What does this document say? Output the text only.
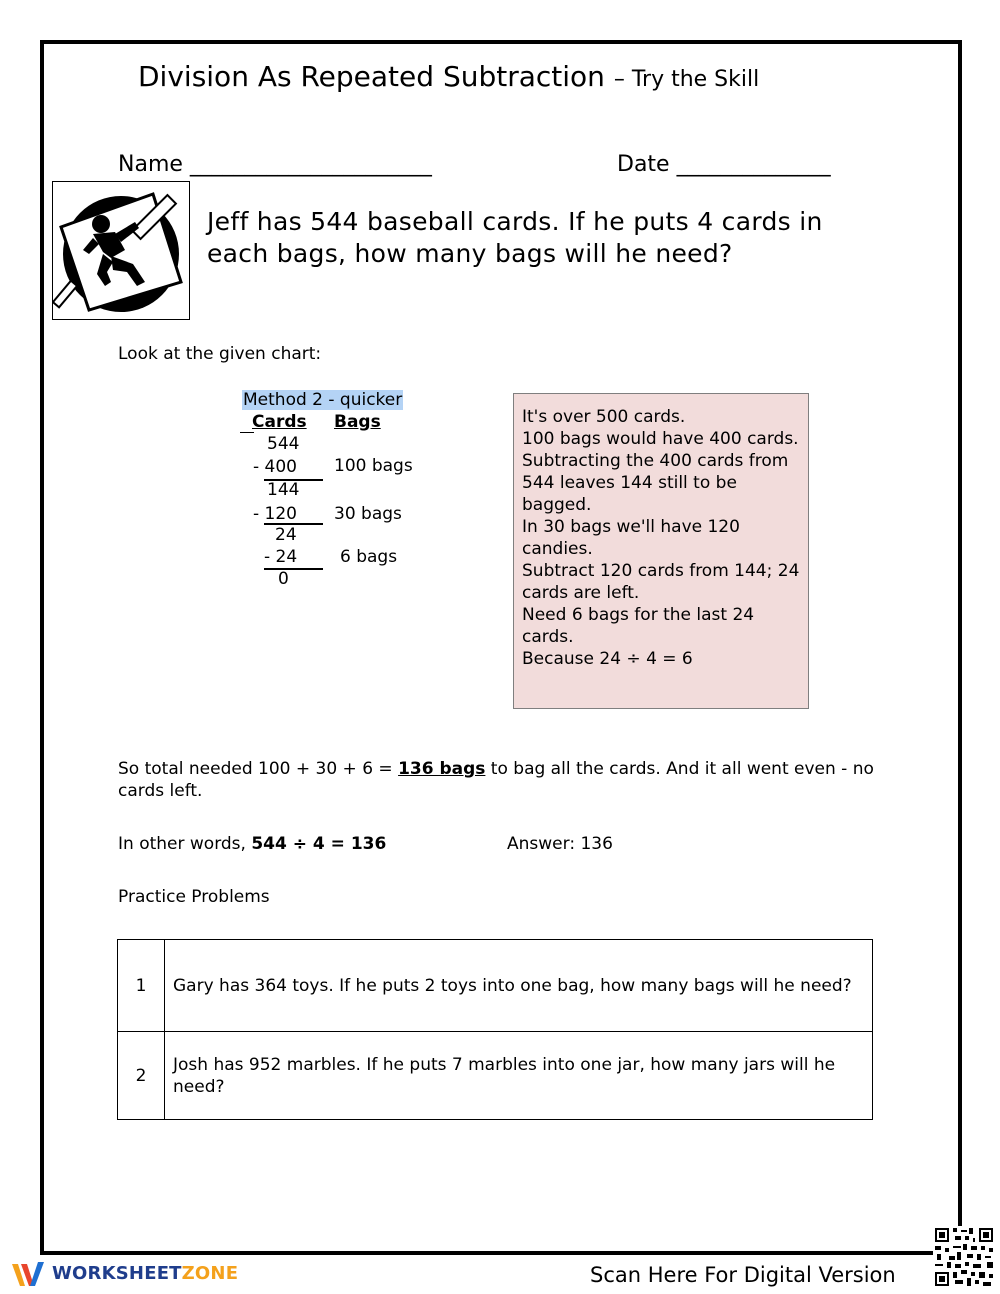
Division As Repeated Subtraction – Try the Skill
Name ______________________	Date ______________
Jeff has 544 baseball cards. If he puts 4 cards in each bags, how many bags will he need?
Look at the given chart:
Method 2 - quicker
Cards Bags
544
- 400 100 bags
144
- 120 30 bags
24
- 24	6 bags
0
It's over 500 cards.
100 bags would have 400 cards.
Subtracting the 400 cards from 544 leaves 144 still to be bagged.
In 30 bags we'll have 120 candies.
Subtract 120 cards from 144; 24 cards are left.
Need 6 bags for the last 24 cards.
Because 24 ÷ 4 = 6
So total needed 100 + 30 + 6 = 136 bags to bag all the cards. And it all went even - no cards left.
In other words, 544 ÷ 4 = 136	Answer: 136
Practice Problems
1	Gary has 364 toys. If he puts 2 toys into one bag, how many bags will he need?
2	Josh has 952 marbles. If he puts 7 marbles into one jar, how many jars will he need?
WORKSHEETZONE	Scan Here For Digital Version
